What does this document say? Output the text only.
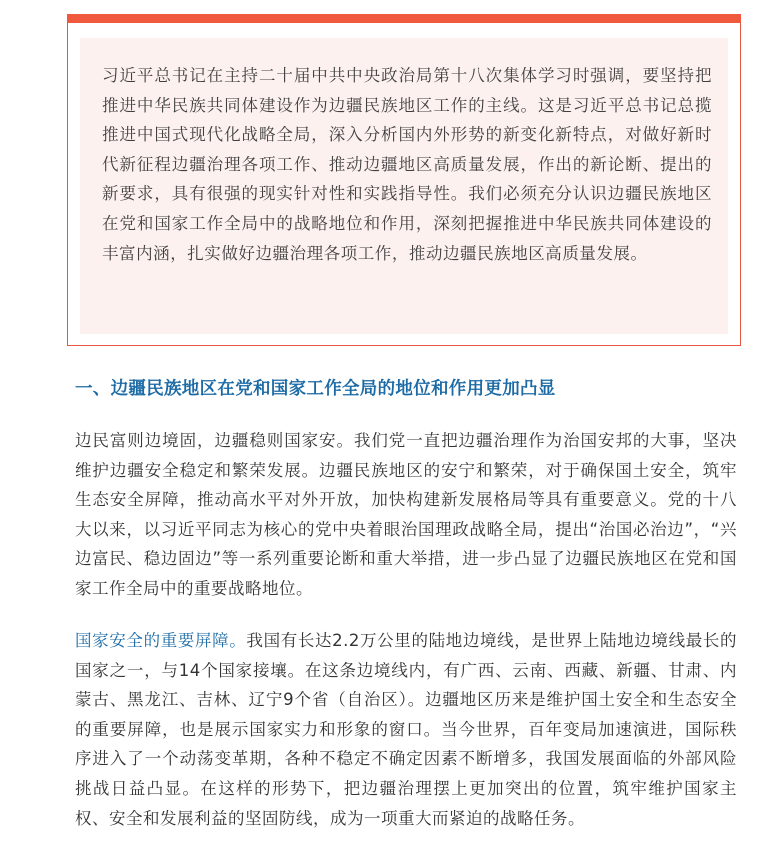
习近平总书记在主持二十届中共中央政治局第十八次集体学习时强调，要坚持把推进中华民族共同体建设作为边疆民族地区工作的主线。这是习近平总书记总揽推进中国式现代化战略全局，深入分析国内外形势的新变化新特点，对做好新时代新征程边疆治理各项工作、推动边疆地区高质量发展，作出的新论断、提出的新要求，具有很强的现实针对性和实践指导性。我们必须充分认识边疆民族地区在党和国家工作全局中的战略地位和作用，深刻把握推进中华民族共同体建设的丰富内涵，扎实做好边疆治理各项工作，推动边疆民族地区高质量发展。

一、边疆民族地区在党和国家工作全局的地位和作用更加凸显

边民富则边境固，边疆稳则国家安。我们党一直把边疆治理作为治国安邦的大事，坚决维护边疆安全稳定和繁荣发展。边疆民族地区的安宁和繁荣，对于确保国土安全，筑牢生态安全屏障，推动高水平对外开放，加快构建新发展格局等具有重要意义。党的十八大以来，以习近平同志为核心的党中央着眼治国理政战略全局，提出“治国必治边”，“兴边富民、稳边固边”等一系列重要论断和重大举措，进一步凸显了边疆民族地区在党和国家工作全局中的重要战略地位。

国家安全的重要屏障。我国有长达2.2万公里的陆地边境线，是世界上陆地边境线最长的国家之一，与14个国家接壤。在这条边境线内，有广西、云南、西藏、新疆、甘肃、内蒙古、黑龙江、吉林、辽宁9个省（自治区）。边疆地区历来是维护国土安全和生态安全的重要屏障，也是展示国家实力和形象的窗口。当今世界，百年变局加速演进，国际秩序进入了一个动荡变革期，各种不稳定不确定因素不断增多，我国发展面临的外部风险挑战日益凸显。在这样的形势下，把边疆治理摆上更加突出的位置，筑牢维护国家主权、安全和发展利益的坚固防线，成为一项重大而紧迫的战略任务。
